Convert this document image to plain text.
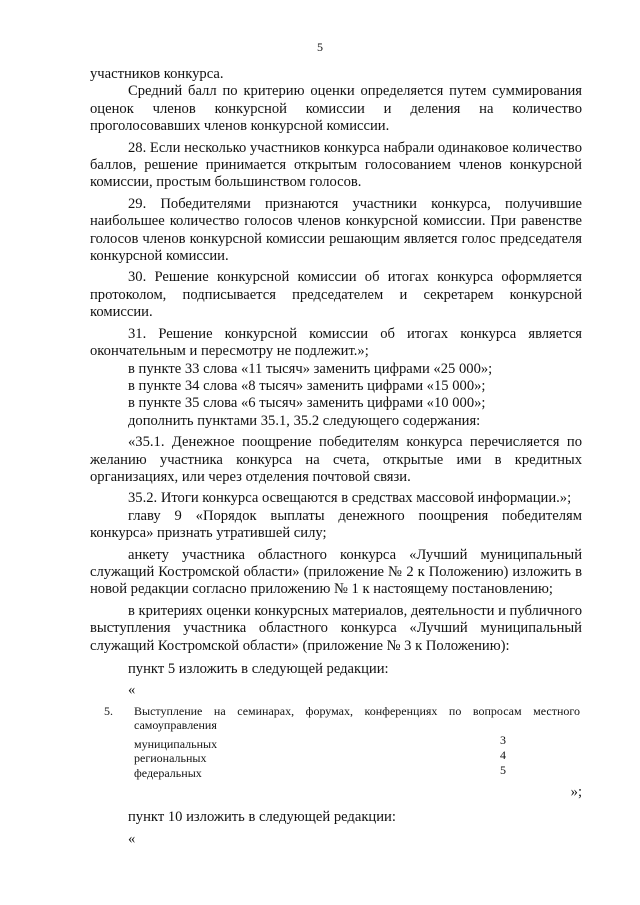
5

участников конкурса.

Средний балл по критерию оценки определяется путем суммирования оценок членов конкурсной комиссии и деления на количество проголосовавших членов конкурсной комиссии.

28. Если несколько участников конкурса набрали одинаковое количество баллов, решение принимается открытым голосованием членов конкурсной комиссии, простым большинством голосов.

29. Победителями признаются участники конкурса, получившие наибольшее количество голосов членов конкурсной комиссии. При равенстве голосов членов конкурсной комиссии решающим является голос председателя конкурсной комиссии.

30. Решение конкурсной комиссии об итогах конкурса оформляется протоколом, подписывается председателем и секретарем конкурсной комиссии.

31. Решение конкурсной комиссии об итогах конкурса является окончательным и пересмотру не подлежит.»;

в пункте 33 слова «11 тысяч» заменить цифрами «25 000»;

в пункте 34 слова «8 тысяч» заменить цифрами «15 000»;

в пункте 35 слова «6 тысяч» заменить цифрами «10 000»;

дополнить пунктами 35.1, 35.2 следующего содержания:

«35.1. Денежное поощрение победителям конкурса перечисляется по желанию участника конкурса на счета, открытые ими в кредитных организациях, или через отделения почтовой связи.

35.2. Итоги конкурса освещаются в средствах массовой информации.»;

главу 9 «Порядок выплаты денежного поощрения победителям конкурса» признать утратившей силу;

анкету участника областного конкурса «Лучший муниципальный служащий Костромской области» (приложение № 2 к Положению) изложить в новой редакции согласно приложению № 1 к настоящему постановлению;

в критериях оценки конкурсных материалов, деятельности и публичного выступления участника областного конкурса «Лучший муниципальный служащий Костромской области» (приложение № 3 к Положению):

пункт 5 изложить в следующей редакции:

«

5. Выступление на семинарах, форумах, конференциях по вопросам местного самоуправления
муниципальных	3
региональных	4
федеральных	5

»;

пункт 10 изложить в следующей редакции:

«
